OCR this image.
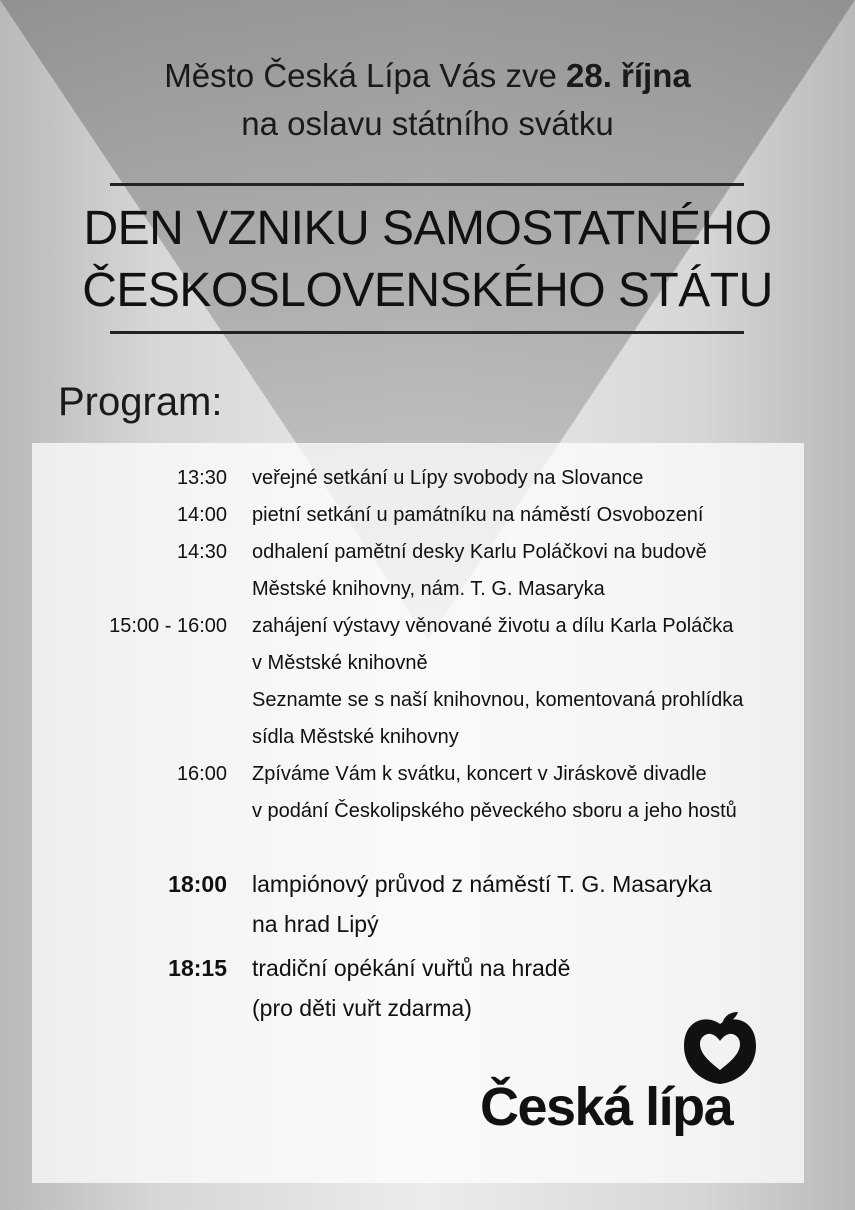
Město Česká Lípa Vás zve 28. října
na oslavu státního svátku
DEN VZNIKU SAMOSTATNÉHO
ČESKOSLOVENSKÉHO STÁTU
Program:
13:30 veřejné setkání u Lípy svobody na Slovance
14:00 pietní setkání u památníku na náměstí Osvobození
14:30 odhalení pamětní desky Karlu Poláčkovi na budově
Městské knihovny, nám. T. G. Masaryka
15:00 - 16:00 zahájení výstavy věnované životu a dílu Karla Poláčka
v Městské knihovně
Seznamte se s naší knihovnou, komentovaná prohlídka
sídla Městské knihovny
16:00 Zpíváme Vám k svátku, koncert v Jiráskově divadle
v podání Českolipského pěveckého sboru a jeho hostů
18:00 lampiónový průvod z náměstí T. G. Masaryka
na hrad Lipý
18:15 tradiční opékání vuřtů na hradě
(pro děti vuřt zdarma)
Česká lípa
